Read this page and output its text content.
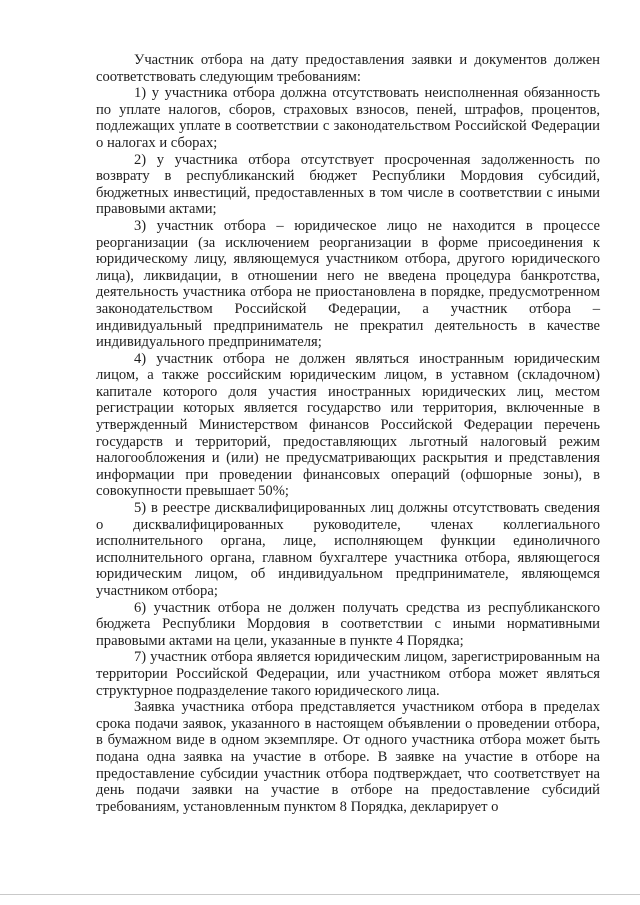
Участник отбора на дату предоставления заявки и документов должен соответствовать следующим требованиям:

1) у участника отбора должна отсутствовать неисполненная обязанность по уплате налогов, сборов, страховых взносов, пеней, штрафов, процентов, подлежащих уплате в соответствии с законодательством Российской Федерации о налогах и сборах;

2) у участника отбора отсутствует просроченная задолженность по возврату в республиканский бюджет Республики Мордовия субсидий, бюджетных инвестиций, предоставленных в том числе в соответствии с иными правовыми актами;

3) участник отбора – юридическое лицо не находится в процессе реорганизации (за исключением реорганизации в форме присоединения к юридическому лицу, являющемуся участником отбора, другого юридического лица), ликвидации, в отношении него не введена процедура банкротства, деятельность участника отбора не приостановлена в порядке, предусмотренном законодательством Российской Федерации, а участник отбора – индивидуальный предприниматель не прекратил деятельность в качестве индивидуального предпринимателя;

4) участник отбора не должен являться иностранным юридическим лицом, а также российским юридическим лицом, в уставном (складочном) капитале которого доля участия иностранных юридических лиц, местом регистрации которых является государство или территория, включенные в утвержденный Министерством финансов Российской Федерации перечень государств и территорий, предоставляющих льготный налоговый режим налогообложения и (или) не предусматривающих раскрытия и представления информации при проведении финансовых операций (офшорные зоны), в совокупности превышает 50%;

5) в реестре дисквалифицированных лиц должны отсутствовать сведения о дисквалифицированных руководителе, членах коллегиального исполнительного органа, лице, исполняющем функции единоличного исполнительного органа, главном бухгалтере участника отбора, являющегося юридическим лицом, об индивидуальном предпринимателе, являющемся участником отбора;

6) участник отбора не должен получать средства из республиканского бюджета Республики Мордовия в соответствии с иными нормативными правовыми актами на цели, указанные в пункте 4 Порядка;

7) участник отбора является юридическим лицом, зарегистрированным на территории Российской Федерации, или участником отбора может являться структурное подразделение такого юридического лица.

Заявка участника отбора представляется участником отбора в пределах срока подачи заявок, указанного в настоящем объявлении о проведении отбора, в бумажном виде в одном экземпляре. От одного участника отбора может быть подана одна заявка на участие в отборе. В заявке на участие в отборе на предоставление субсидии участник отбора подтверждает, что соответствует на день подачи заявки на участие в отборе на предоставление субсидий требованиям, установленным пунктом 8 Порядка, декларирует о
